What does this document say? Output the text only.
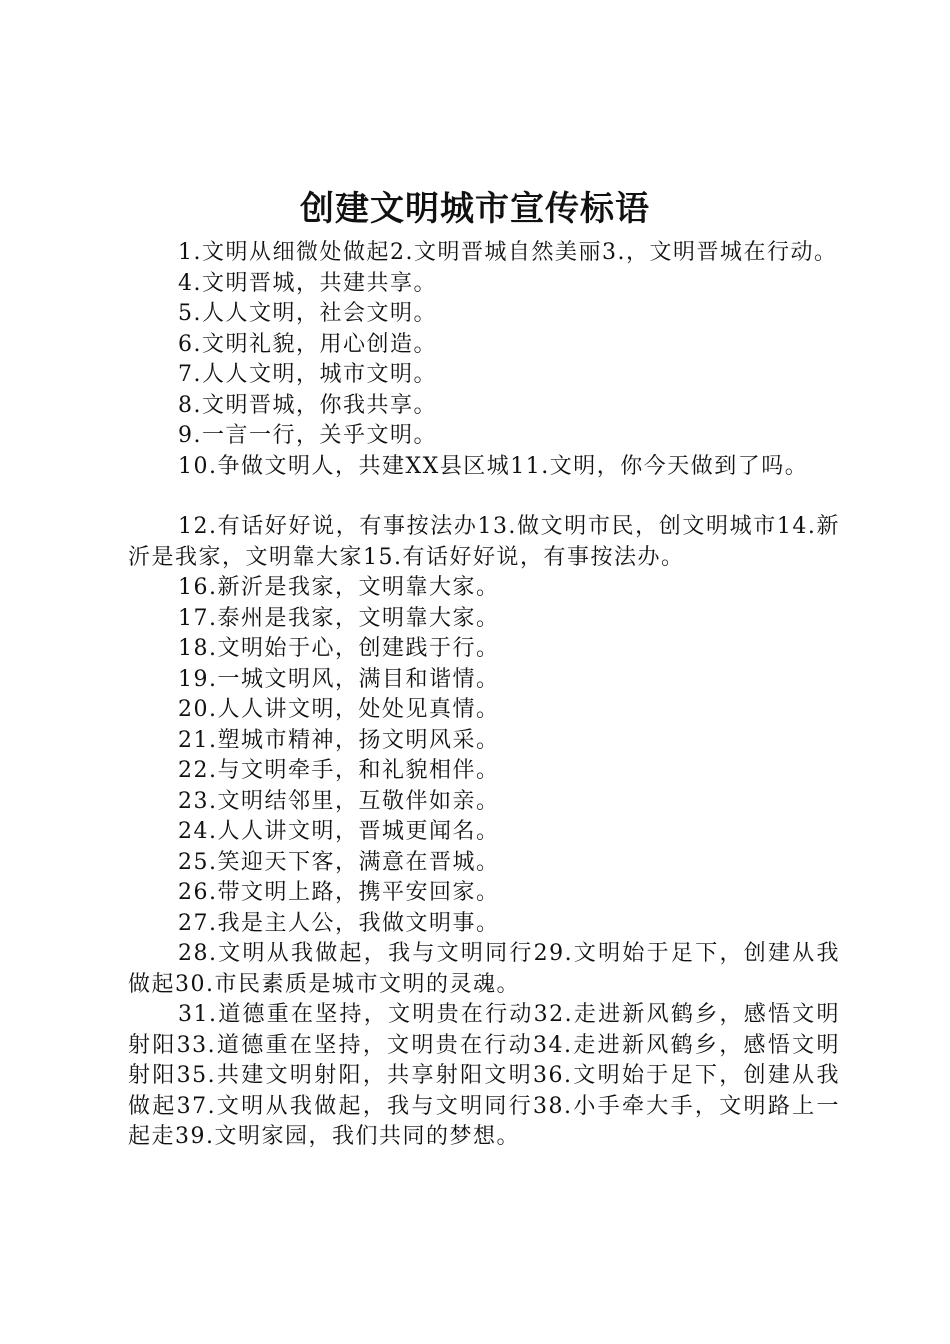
创建文明城市宣传标语

1.文明从细微处做起2.文明晋城自然美丽3.，文明晋城在行动。

4.文明晋城，共建共享。

5.人人文明，社会文明。

6.文明礼貌，用心创造。

7.人人文明，城市文明。

8.文明晋城，你我共享。

9.一言一行，关乎文明。

10.争做文明人，共建XX县区城11.文明，你今天做到了吗。

12.有话好好说，有事按法办13.做文明市民，创文明城市14.新沂是我家，文明靠大家15.有话好好说，有事按法办。

16.新沂是我家，文明靠大家。

17.泰州是我家，文明靠大家。

18.文明始于心，创建践于行。

19.一城文明风，满目和谐情。

20.人人讲文明，处处见真情。

21.塑城市精神，扬文明风采。

22.与文明牵手，和礼貌相伴。

23.文明结邻里，互敬伴如亲。

24.人人讲文明，晋城更闻名。

25.笑迎天下客，满意在晋城。

26.带文明上路，携平安回家。

27.我是主人公，我做文明事。

28.文明从我做起，我与文明同行29.文明始于足下，创建从我做起30.市民素质是城市文明的灵魂。

31.道德重在坚持，文明贵在行动32.走进新风鹤乡，感悟文明射阳33.道德重在坚持，文明贵在行动34.走进新风鹤乡，感悟文明射阳35.共建文明射阳，共享射阳文明36.文明始于足下，创建从我做起37.文明从我做起，我与文明同行38.小手牵大手，文明路上一起走39.文明家园，我们共同的梦想。
